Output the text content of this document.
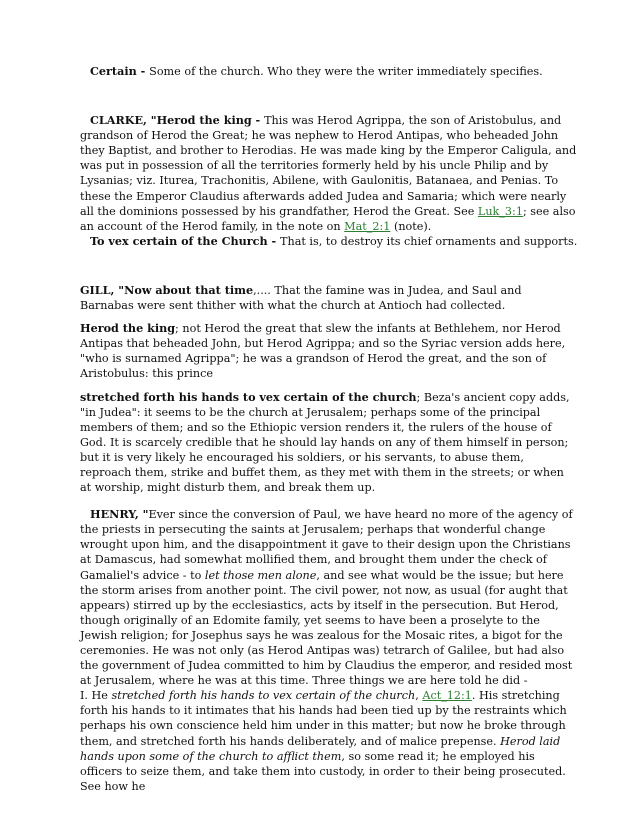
Certain - Some of the church. Who they were the writer immediately specifies.

CLARKE, "Herod the king - This was Herod Agrippa, the son of Aristobulus, and grandson of Herod the Great; he was nephew to Herod Antipas, who beheaded John they Baptist, and brother to Herodias. He was made king by the Emperor Caligula, and was put in possession of all the territories formerly held by his uncle Philip and by Lysanias; viz. Iturea, Trachonitis, Abilene, with Gaulonitis, Batanaea, and Penias. To these the Emperor Claudius afterwards added Judea and Samaria; which were nearly all the dominions possessed by his grandfather, Herod the Great. See Luk_3:1; see also an account of the Herod family, in the note on Mat_2:1 (note).

To vex certain of the Church - That is, to destroy its chief ornaments and supports.

GILL, "Now about that time,.... That the famine was in Judea, and Saul and Barnabas were sent thither with what the church at Antioch had collected.

Herod the king; not Herod the great that slew the infants at Bethlehem, nor Herod Antipas that beheaded John, but Herod Agrippa; and so the Syriac version adds here, "who is surnamed Agrippa"; he was a grandson of Herod the great, and the son of Aristobulus: this prince

stretched forth his hands to vex certain of the church; Beza's ancient copy adds, "in Judea": it seems to be the church at Jerusalem; perhaps some of the principal members of them; and so the Ethiopic version renders it, the rulers of the house of God. It is scarcely credible that he should lay hands on any of them himself in person; but it is very likely he encouraged his soldiers, or his servants, to abuse them, reproach them, strike and buffet them, as they met with them in the streets; or when at worship, might disturb them, and break them up.

HENRY, "Ever since the conversion of Paul, we have heard no more of the agency of the priests in persecuting the saints at Jerusalem; perhaps that wonderful change wrought upon him, and the disappointment it gave to their design upon the Christians at Damascus, had somewhat mollified them, and brought them under the check of Gamaliel's advice - to let those men alone, and see what would be the issue; but here the storm arises from another point. The civil power, not now, as usual (for aught that appears) stirred up by the ecclesiastics, acts by itself in the persecution. But Herod, though originally of an Edomite family, yet seems to have been a proselyte to the Jewish religion; for Josephus says he was zealous for the Mosaic rites, a bigot for the ceremonies. He was not only (as Herod Antipas was) tetrarch of Galilee, but had also the government of Judea committed to him by Claudius the emperor, and resided most at Jerusalem, where he was at this time. Three things we are here told he did -

I. He stretched forth his hands to vex certain of the church, Act_12:1. His stretching forth his hands to it intimates that his hands had been tied up by the restraints which perhaps his own conscience held him under in this matter; but now he broke through them, and stretched forth his hands deliberately, and of malice prepense. Herod laid hands upon some of the church to afflict them, so some read it; he employed his officers to seize them, and take them into custody, in order to their being prosecuted. See how he
